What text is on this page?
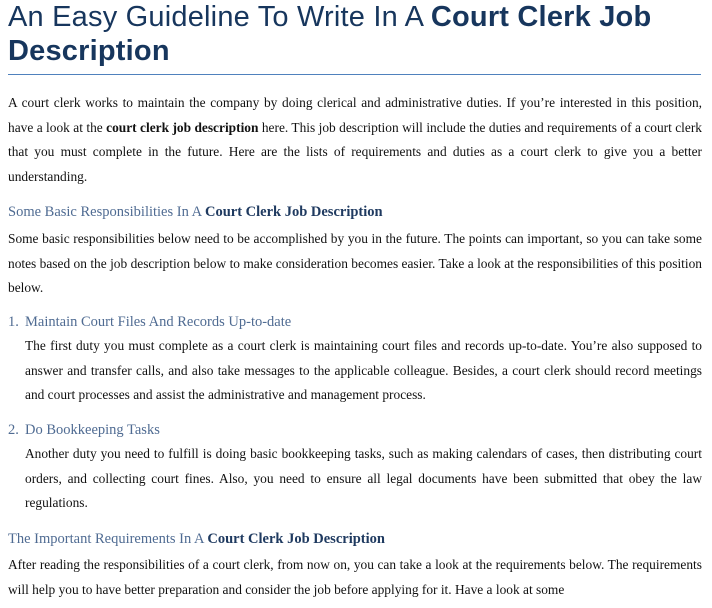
An Easy Guideline To Write In A Court Clerk Job Description

A court clerk works to maintain the company by doing clerical and administrative duties. If you’re interested in this position, have a look at the court clerk job description here. This job description will include the duties and requirements of a court clerk that you must complete in the future. Here are the lists of requirements and duties as a court clerk to give you a better understanding.

Some Basic Responsibilities In A Court Clerk Job Description

Some basic responsibilities below need to be accomplished by you in the future. The points can important, so you can take some notes based on the job description below to make consideration becomes easier. Take a look at the responsibilities of this position below.

1. Maintain Court Files And Records Up-to-date

The first duty you must complete as a court clerk is maintaining court files and records up-to-date. You’re also supposed to answer and transfer calls, and also take messages to the applicable colleague. Besides, a court clerk should record meetings and court processes and assist the administrative and management process.

2. Do Bookkeeping Tasks

Another duty you need to fulfill is doing basic bookkeeping tasks, such as making calendars of cases, then distributing court orders, and collecting court fines. Also, you need to ensure all legal documents have been submitted that obey the law regulations.

The Important Requirements In A Court Clerk Job Description

After reading the responsibilities of a court clerk, from now on, you can take a look at the requirements below. The requirements will help you to have better preparation and consider the job before applying for it. Have a look at some
